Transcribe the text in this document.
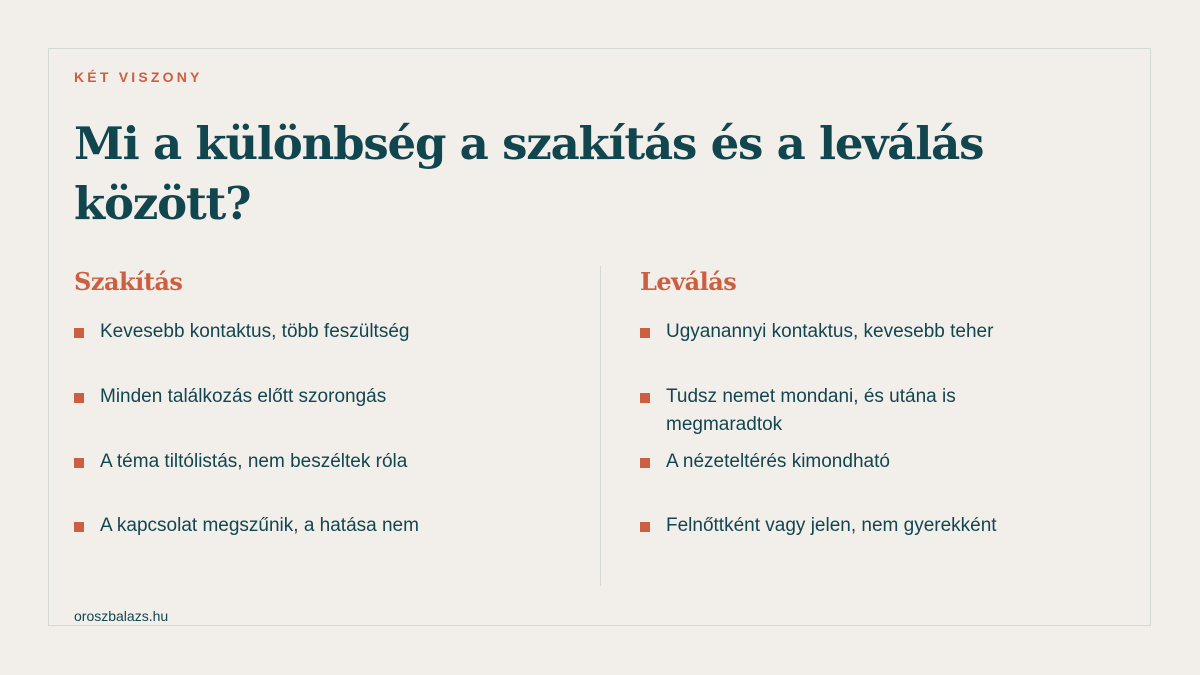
KÉT VISZONY

Mi a különbség a szakítás és a leválás között?
Szakítás
Kevesebb kontaktus, több feszültség
Minden találkozás előtt szorongás
A téma tiltólistás, nem beszéltek róla
A kapcsolat megszűnik, a hatása nem
Leválás
Ugyanannyi kontaktus, kevesebb teher
Tudsz nemet mondani, és utána is megmaradtok
A nézeteltérés kimondható
Felnőttként vagy jelen, nem gyerekként

oroszbalazs.hu
